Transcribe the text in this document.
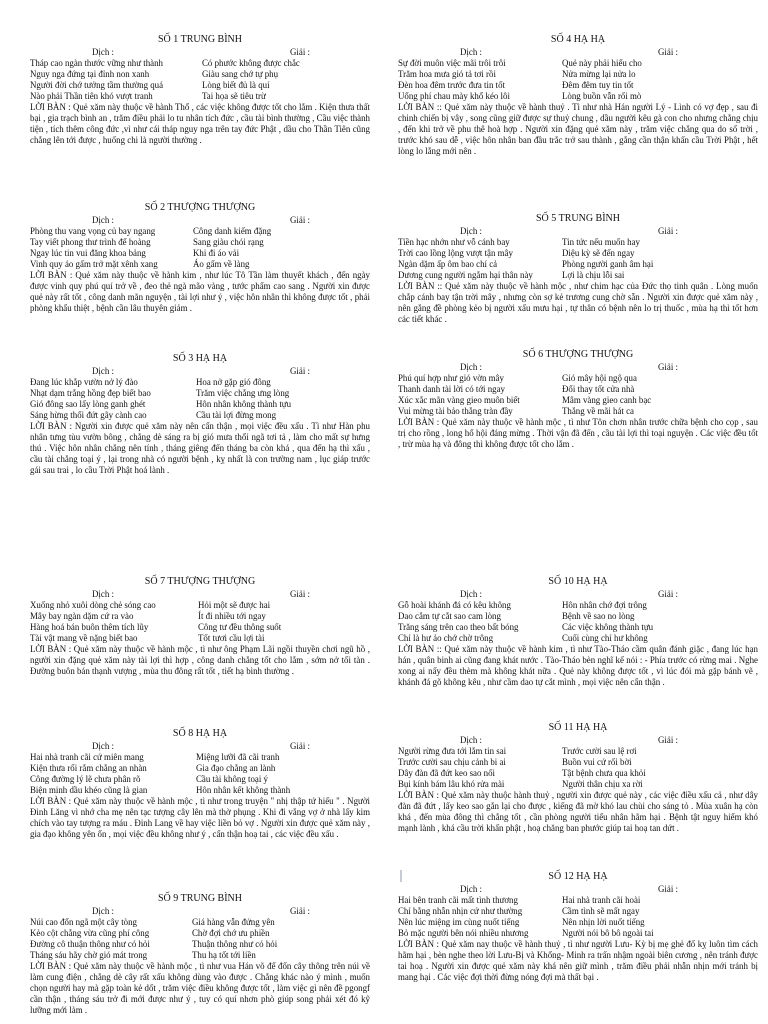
SỐ 1 TRUNG BÌNH
Dịch :	Giải :
Tháp cao ngàn thước vững như thành	Có phước không được chắc
Nguy nga đứng tại đỉnh non xanh	Giàu sang chớ tự phụ
Người đời chớ tưởng tầm thường quá	Lòng biết đủ là quí
Nào phải Thần tiên khó vượt tranh	Tai họa sẽ tiêu trừ
LỜI BÀN : Quẻ xăm này thuộc về hành Thổ , các việc không được tốt cho lắm . Kiện thưa thất bại , gia trạch bình an , trăm điều phải lo tu nhân tích đức , cầu tài bình thường , Cầu việc thành tiện , tích thêm công đức ,vì như cái tháp nguy nga trên tay đức Phật , dầu cho Thần Tiên cũng chẳng lên tới được , huống chi là người thường .
SỐ 2 THƯỢNG THƯỢNG
Dịch :	Giải :
Phòng thu vang vọng củ bay ngang	Công danh kiếm đặng
Tay viết phong thư trình để hoàng	Sang giàu chói rạng
Ngay lúc tin vui đăng khoa bảng	Khi đi áo vải
Vinh quy áo gấm trở mặt xênh xang	Áo gấm về làng
LỜI BÀN : Quẻ xăm này thuộc về hành kim , như lúc Tô Tần làm thuyết khách , đến ngày được vinh quy phú quí trở về , đeo thẻ ngà mão vàng , tước phẩm cao sang . Người xin được quẻ này rất tốt , công danh mãn nguyện , tài lợi như ý , việc hôn nhân thì không được tốt , phải phòng khẩu thiệt , bệnh cần lâu thuyên giảm .
SỐ 3 HẠ HẠ
Dịch :	Giải :
Đang lúc khắp vườn nở lý đào	Hoa nở gặp gió đông
Nhạt dạm trắng hồng đẹp biết bao	Trăm việc chẳng ưng lòng
Gió đông sao lấy lòng ganh ghét	Hôn nhân không thành tựu
Sáng hừng thổi đứt gãy cành cao	Cầu tài lợi đừng mong
LỜI BÀN : Người xin được quẻ xăm này nên cẩn thận , mọi việc đều xấu . Tì như Hàn phu nhân tưng tùu vườn bông , chẳng dè sáng ra bị gió mưa thổi ngã tơi tả , làm cho mất sự hưng thú . Việc hôn nhân chẳng nên tính , tháng giêng đến tháng ba còn khá , qua đến hạ thì xấu , cầu tài chẳng toại ý , lại trong nhà có người bệnh , kỵ nhất là con trường nam , lục giáp trước gái sau trai , lo cầu Trời Phật hoá lành .
SỐ 4 HẠ HẠ
Dịch :	Giải :
Sự đời muôn việc mãi trôi trôi	Quẻ này phải hiểu cho
Trăm hoa mưa gió tả tơi rồi	Nửa mừng lại nửa lo
Đèn hoa đêm trước đưa tin tốt	Đêm đêm tuy tin tốt
Uổng phí chau mày khổ kéo lôi	Lòng buồn vẫn rối mò
LỜI BÀN :: Quẻ xăm này thuộc về hành thuỷ . Tì như nhà Hán người Lý - Lình có vợ đẹp , sau đi chinh chiến bị vây , song cũng giữ được sự thuỷ chung , dầu người kêu gà con cho nhưng chẳng chịu , đến khi trở về phu thê hoà hợp . Người xin đặng quẻ xăm này , trăm việc chẳng qua do số trời , trước khó sau dễ , việc hôn nhân ban đầu trắc trở sau thành , gắng cần thận khấn cầu Trời Phật , hết lòng lo lắng mới nên .
SỐ 5 TRUNG BÌNH
Dịch :	Giải :
Tiền hạc nhớn như vỗ cánh bay	Tin tức nếu muốn hay
Trời cao lồng lộng vượt tận mây	Diệu kỳ sẽ đến ngay
Ngàn dặm ấp ôm bao chí cả	Phòng người ganh âm hại
Dương cung người ngắm hại thân này	Lợi là chịu lỗi sai
LỜI BÀN :: Quẻ xăm này thuộc về hành mộc , như chim hạc của Đức thọ tinh quân . Lòng muốn chắp cánh bay tận trời mây , nhưng còn sợ kẻ trương cung chờ sẵn . Người xin được quẻ xăm này , nên gắng đề phòng kẻo bị người xấu mưu hại , tự thân có bệnh nên lo trị thuốc , mùa hạ thì tốt hơn các tiết khác .
SỐ 6 THƯỢNG THƯỢNG
Dịch :	Giải :
Phú quí hợp như gió vờn mây	Gió mây hội ngộ qua
Thanh danh tài lời có tới ngay	Đổi thay tốt cửa nhà
Xúc xắc mãn vàng gieo muôn biết	Mâm vàng gieo canh bạc
Vui mừng tài bảo thẳng tràn đầy	Thắng về mãi hát ca
LỜI BÀN : Quẻ xăm này thuộc về hành mộc , tì như Tôn chơn nhân trước chữa bệnh cho cọp , sau trị cho rồng , long hổ hội đáng mừng . Thời vận đã đến , cầu tài lợi thì toại nguyện . Các việc đều tốt , trừ mùa hạ và đông thì không được tốt cho lắm .
SỐ 7 THƯỢNG THƯỢNG
Dịch :	Giải :
Xuống nhỏ xuôi dòng chẻ sóng cao	Hỏi một sẽ được hai
Mây bay ngàn dặm cứ ra vào	Ít đi nhiều tới ngay
Hàng hoá bán buôn thêm tích lũy	Công tư đều thông suốt
Tài vật mang về nặng biết bao	Tốt tươi cầu lợi tài
LỜI BÀN : Quẻ xăm này thuộc về hành mộc , tì như ông Phạm Lãi ngồi thuyền chơi ngũ hồ , người xin đặng quẻ xăm này tài lợi thì hợp , công danh chẳng tốt cho lắm , sớm nở tối tàn . Đường buôn bán thạnh vượng , mùa thu đông rất tốt , tiết hạ bình thường .
SỐ 8 HẠ HẠ
Dịch :	Giải :
Hai nhà tranh cãi cứ miên mang	Miệng lưỡi đã cãi tranh
Kiện thưa rối rắm chẳng an nhàn	Gia đạo chẳng an lành
Công đường lý lẽ chưa phân rõ	Cầu tài không toại ý
Biện minh dầu khéo cũng là gian	Hôn nhân kết không thành
LỜI BÀN : Quẻ xăm này thuộc về hành mộc , tì như trong truyện " nhị thập tứ hiếu " . Người Đinh Lăng vì nhớ cha mẹ nên tạc tượng cây lên mà thờ phụng . Khi đi vắng vợ ở nhà lấy kim chích vào tay tượng ra máu . Đinh Lang về hay việc liền bỏ vợ . Người xin được quẻ xăm này , gia đạo không yên ổn , mọi việc đều không như ý , cẩn thận hoạ tai , các việc đều xấu .
SỐ 9 TRUNG BÌNH
Dịch :	Giải :
Núi cao đổn ngã một cây tòng	Giá hàng vẫn đứng yên
Kẻo cột chẳng vừa cũng phí công	Chờ đợi chớ ưu phiền
Đường cô thuận thông như có hỏi	Thuận thông như có hỏi
Tháng sáu hãy chờ gió mát trong	Thu hạ tốt tới liền
LỜI BÀN : Quẻ xăm này thuộc về hành mộc , tì như vua Hán võ để đốn cây thông trên núi về làm cung điện , chẳng dè cây rất xấu không dùng vào được . Chẳng khác nào ý mình , muốn chọn người hay mà gặp toàn kẻ dốt , trăm việc điều không được tốt , làm việc gì nên đề pgongf cần thận , tháng sáu trở đi mới được như ý , tuy có quí nhơn phò giúp song phải xét đó kỹ lưỡng mới làm .
SỐ 10 HẠ HẠ
Dịch :	Giải :
Gỗ hoài khánh đá có kêu không	Hôn nhân chớ đợi trông
Dao cắm tự cắt sao cam lòng	Bệnh về sao no lòng
Trăng sáng trên cao theo bất bóng	Các việc không thành tựu
Chỉ là hư ảo chớ chờ trông	Cuối cùng chỉ hư không
LỜI BÀN :: Quẻ xăm này thuộc về hành kim , tì như Tào-Tháo cầm quân đánh giặc , đang lúc hạn hán , quân binh ai cũng đang khát nước . Tào-Tháo bèn nghĩ kế nói : - Phía trước có rừng mai . Nghe xong ai nấy đều thèm mà không khát nữa . Quẻ này không được tốt , vì lúc đói mà gặp bánh vẽ , khánh đá gõ không kêu , như cầm dao tự cắt mình , mọi việc nên cẩn thận .
SỐ 11 HẠ HẠ
Dịch :	Giải :
Người rừng đưa tới lắm tin sai	Trước cười sau lệ rơi
Trước cười sau chịu cảnh bi ai	Buồn vui cứ rối bời
Dây đàn đã đứt keo sao nối	Tật bệnh chưa qua khỏi
Bụi kính bám lâu khó rửa mài	Người thân chịu xa rời
LỜI BÀN : Quẻ xăm này thuộc hành thuỷ , người xin được quẻ này , các việc điều xấu cả , như dây đàn đã đứt , lấy keo sao gắn lại cho được , kiếng đã mờ khó lau chùi cho sáng tỏ . Mùa xuân hạ còn khá , đến mùa đông thì chẳng tốt , cần phòng người tiểu nhân hãm hại . Bệnh tật nguy hiểm khó mạnh lành , khá cầu trời khấn phật , hoạ chăng ban phước giúp tai hoạ tan dứt .
SỐ 12 HẠ HẠ
Dịch :	Giải :
Hai bên tranh cãi mất tình thương	Hai nhà tranh cãi hoài
Chỉ bằng nhẫn nhịn cứ như thường	Cầm tình sẽ mất ngay
Nên lúc miệng im cùng nuốt tiếng	Nên nhịn lời nuốt tiếng
Bỏ mặc người bên nói nhiều nhương	Người nói bô bô ngoài tai
LỜI BÀN : Quẻ xăm nay thuộc về hành thuỷ , tì như người Lưu- Kỳ bị mẹ ghẻ đố kỵ luôn tìm cách hãm hại , bèn nghe theo lời Lưu-Bị và Khổng- Minh ra trấn nhậm ngoài biên cương , nên tránh được tai hoạ . Người xin được quẻ xăm này khá nên giữ mình , trăm điều phải nhẫn nhịn mới tránh bị mang hại . Các việc đợi thời đừng nóng đợi mà thất bại .
